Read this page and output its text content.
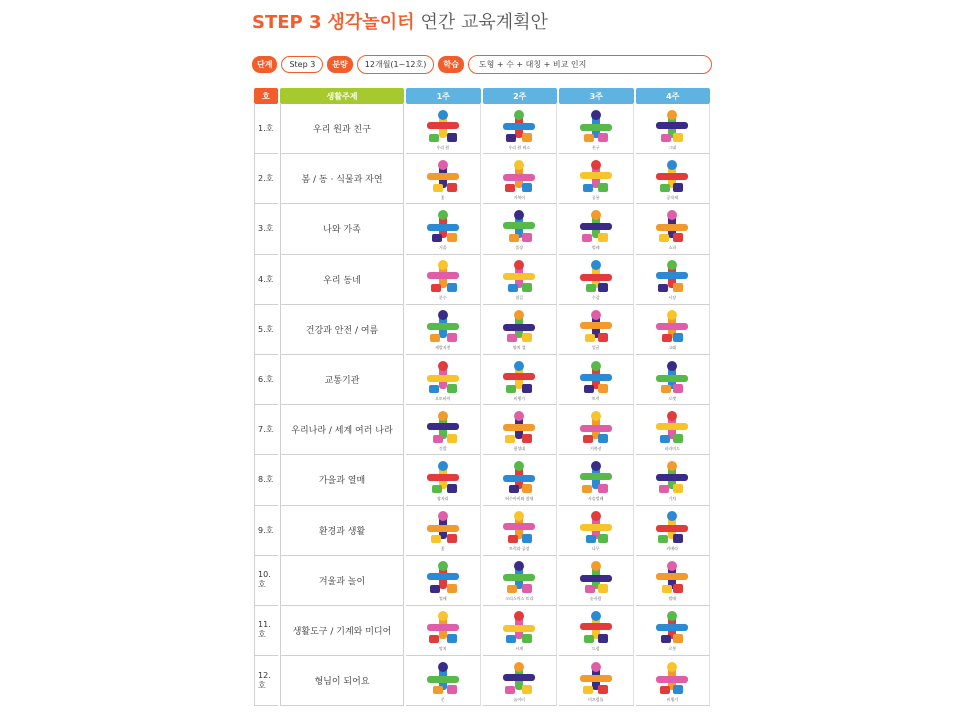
STEP 3 생각놀이터 연간 교육계획안
단계	Step 3	분량	12개월(1~12호)	학습	도형 + 수 + 대칭 + 비교 인지
호	생활주제	1주	2주	3주	4주
1.호	우리 원과 친구	우리 원	우리 원 버스	친구	그네

2.호	봄 / 동 · 식물과 자연	꽃	거북이	공룡	공작새

3.호	나와 가족	거울	풀장	벌레	소파

4.호	우리 동네	분수	철길	수갑	시장

5.호	건강과 안전 / 여름	세발자전	양치 컵	얼굴	고래

6.호	교통기관	오토바이	비행기	트럭	로켓

7.호	우리나라 / 세계 여러 나라	깃발	첨성대	거북선	피라미드

8.호	가을과 열매	잠자리	허수아비와 참새	사슴벌레	기차

9.호	환경과 생활	꽃	트럭과 공장	나무	카메라

10.호	겨울과 놀이	썰매	크리스마스 트리	눈사람	썰매

11.호	생활도구 / 기계와 미디어	망치	시계	드럼	로봇

12.호	형님이 되어요	문	놀이터	미끄럼틀	비행기
